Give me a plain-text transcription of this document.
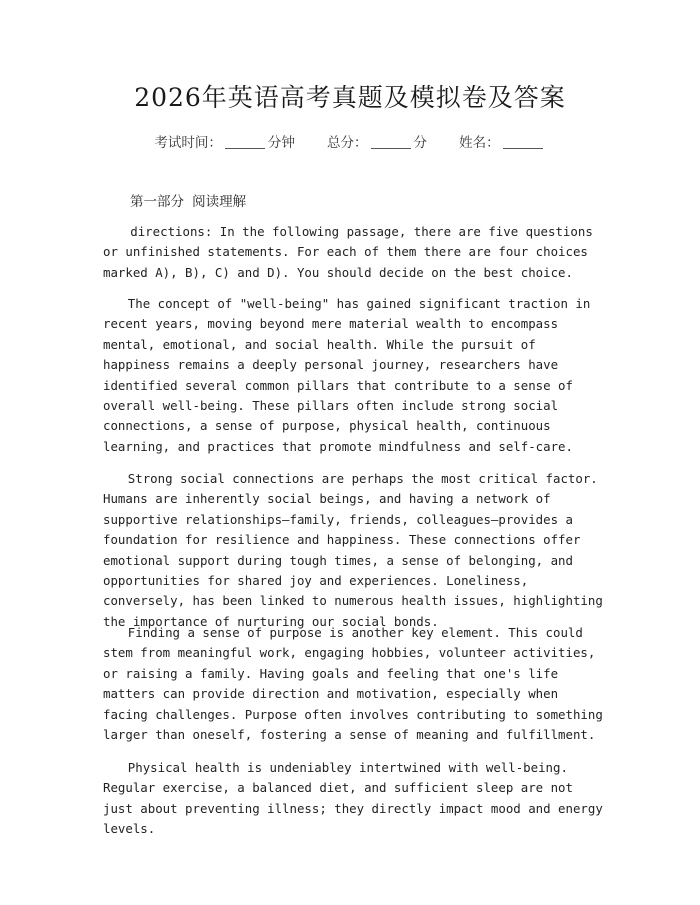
2026年英语高考真题及模拟卷及答案
考试时间：	分钟 总分：	分 姓名：
第一部分 阅读理解

directions: In the following passage, there are five questions or unfinished statements. For each of them there are four choices marked A), B), C) and D). You should decide on the best choice.

The concept of "well-being" has gained significant traction in recent years, moving beyond mere material wealth to encompass mental, emotional, and social health. While the pursuit of happiness remains a deeply personal journey, researchers have identified several common pillars that contribute to a sense of overall well-being. These pillars often include strong social connections, a sense of purpose, physical health, continuous learning, and practices that promote mindfulness and self-care.

Strong social connections are perhaps the most critical factor. Humans are inherently social beings, and having a network of supportive relationships—family, friends, colleagues—provides a foundation for resilience and happiness. These connections offer emotional support during tough times, a sense of belonging, and opportunities for shared joy and experiences. Loneliness, conversely, has been linked to numerous health issues, highlighting the importance of nurturing our social bonds.

Finding a sense of purpose is another key element. This could stem from meaningful work, engaging hobbies, volunteer activities, or raising a family. Having goals and feeling that one's life matters can provide direction and motivation, especially when facing challenges. Purpose often involves contributing to something larger than oneself, fostering a sense of meaning and fulfillment.

Physical health is undeniabley intertwined with well-being. Regular exercise, a balanced diet, and sufficient sleep are not just about preventing illness; they directly impact mood and energy levels.
